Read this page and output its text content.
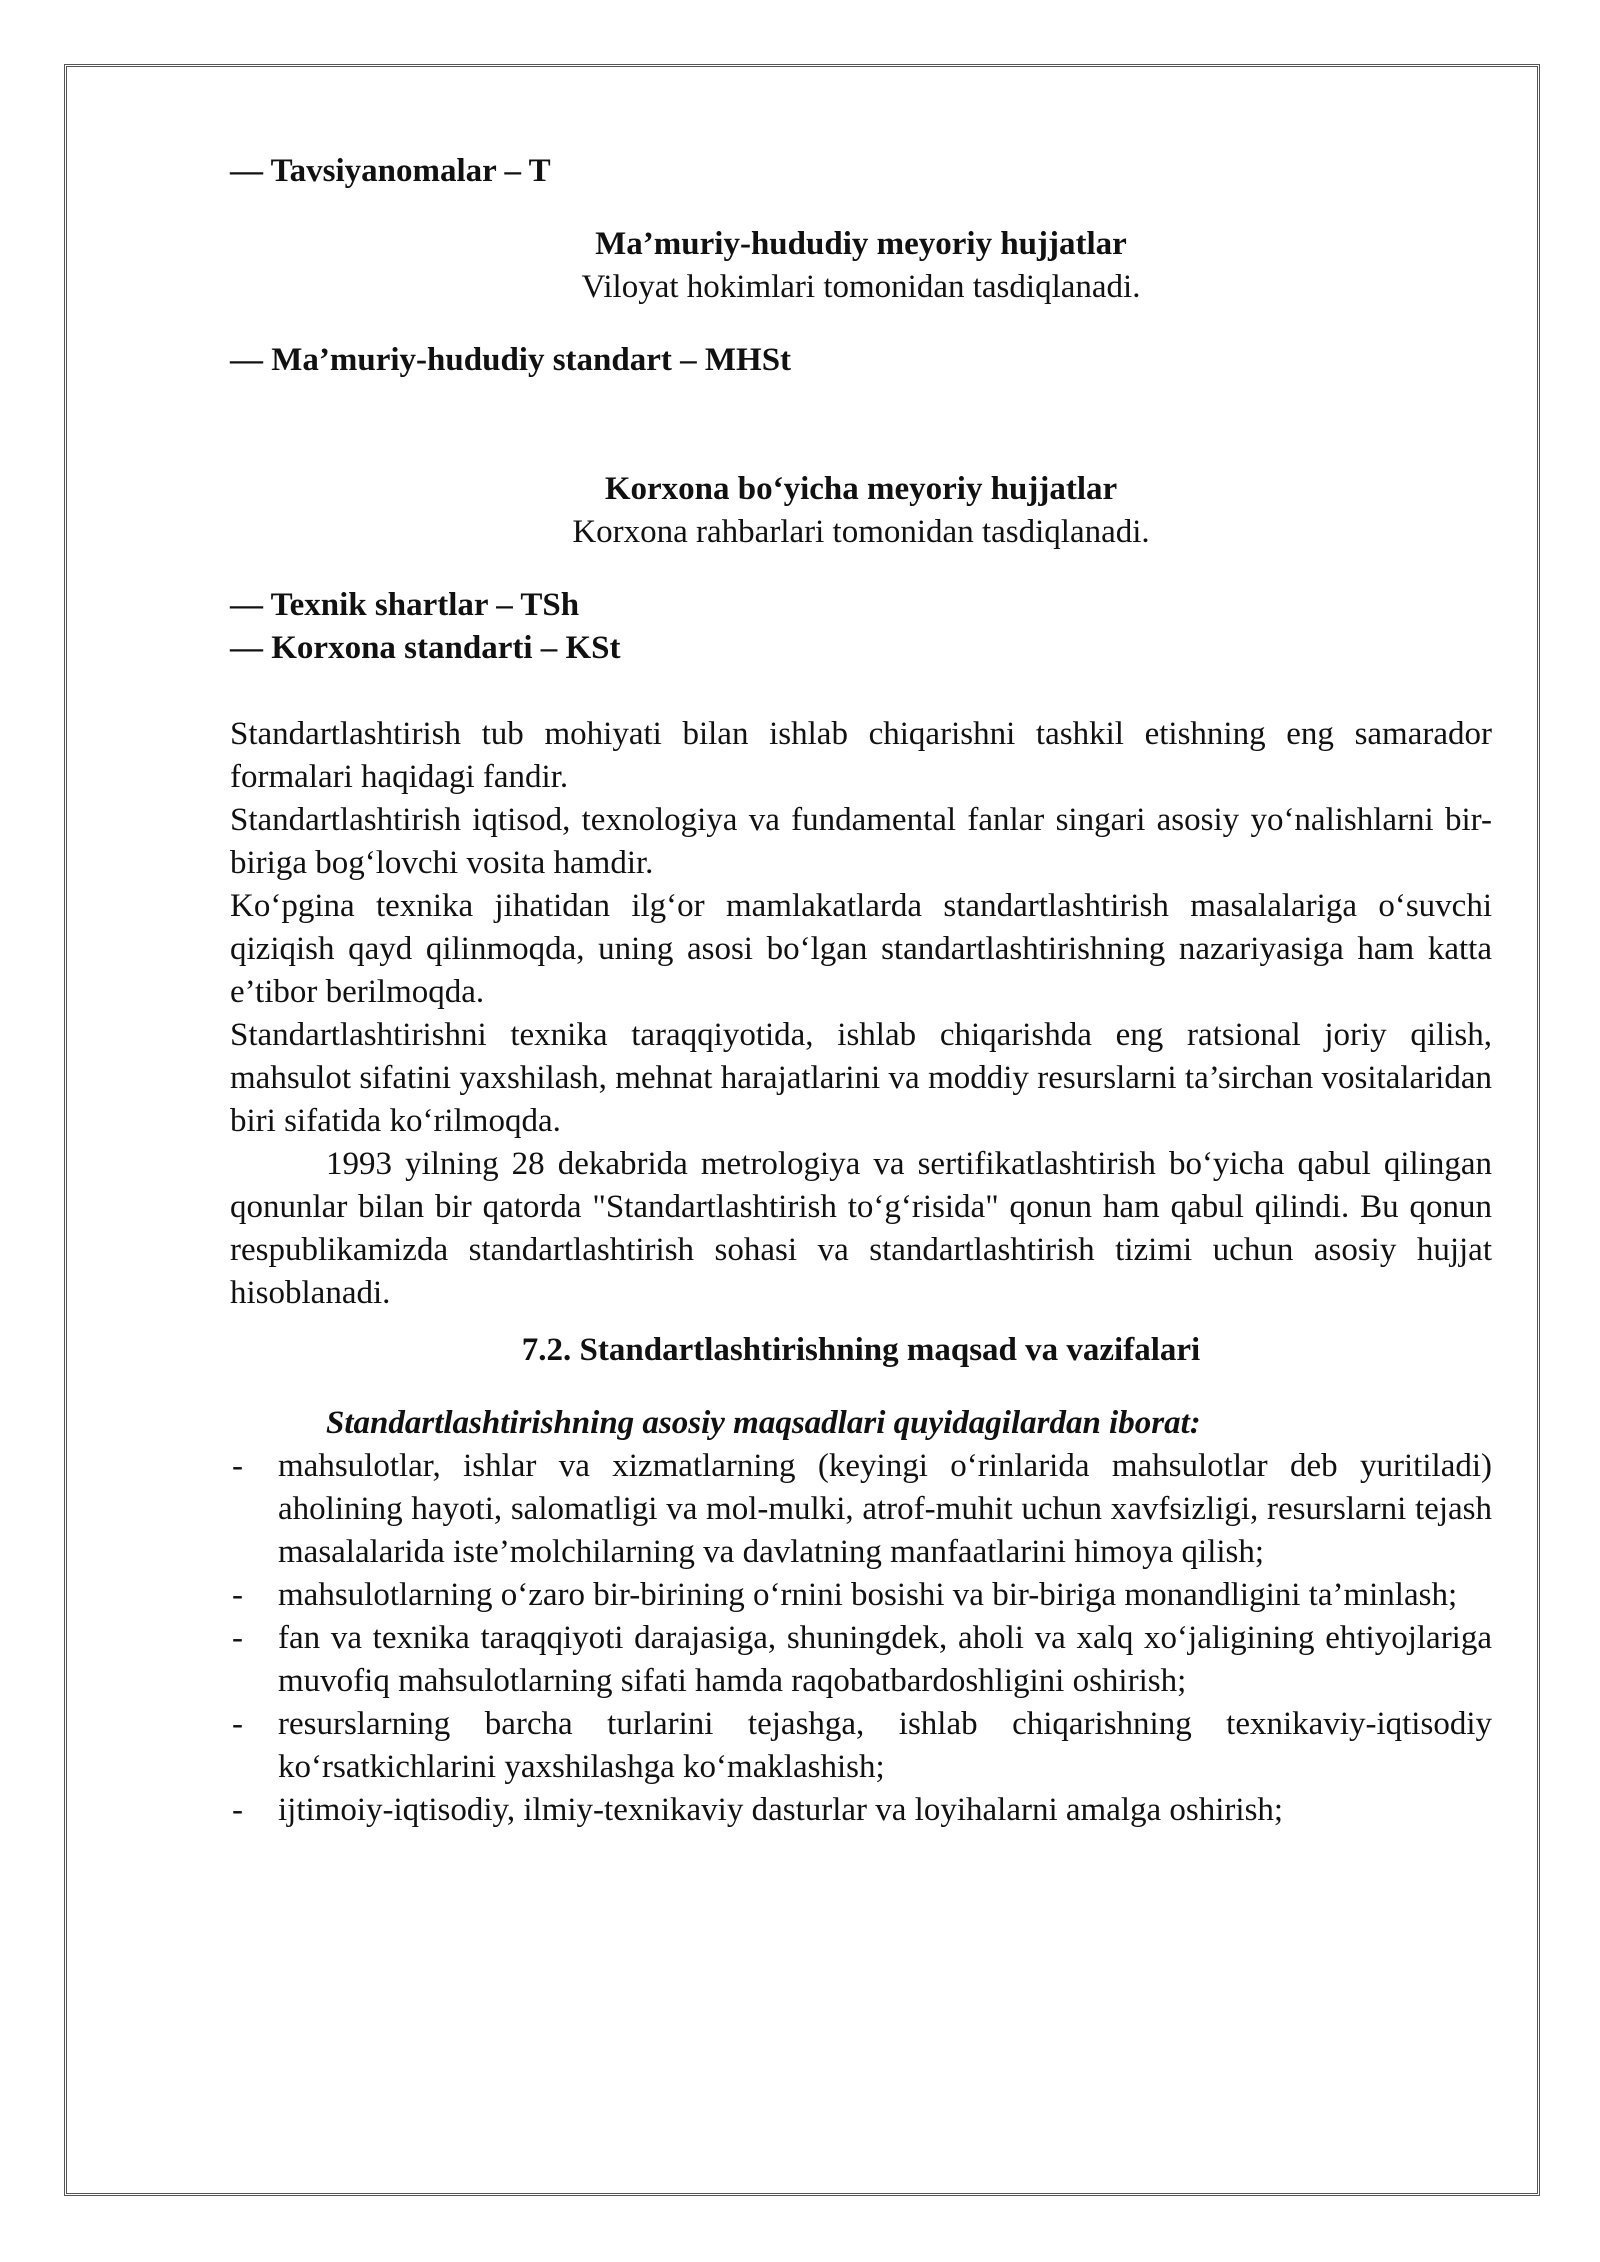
— Tavsiyanomalar – T
Ma’muriy-hududiy meyoriy hujjatlar
Viloyat hokimlari tomonidan tasdiqlanadi.
— Ma’muriy-hududiy standart – MHSt
Korxona bo‘yicha meyoriy hujjatlar
Korxona rahbarlari tomonidan tasdiqlanadi.
— Texnik shartlar – TSh
— Korxona standarti – KSt

Standartlashtirish tub mohiyati bilan ishlab chiqarishni tashkil etishning eng samarador formalari haqidagi fandir.

Standartlashtirish iqtisod, texnologiya va fundamental fanlar singari asosiy yo‘nalishlarni bir-biriga bog‘lovchi vosita hamdir.

Ko‘pgina texnika jihatidan ilg‘or mamlakatlarda standartlashtirish masalalariga o‘suvchi qiziqish qayd qilinmoqda, uning asosi bo‘lgan standartlashtirishning nazariyasiga ham katta e’tibor berilmoqda.

Standartlashtirishni texnika taraqqiyotida, ishlab chiqarishda eng ratsional joriy qilish, mahsulot sifatini yaxshilash, mehnat harajatlarini va moddiy resurslarni ta’sirchan vositalaridan biri sifatida ko‘rilmoqda.

1993 yilning 28 dekabrida metrologiya va sertifikatlashtirish bo‘yicha qabul qilingan qonunlar bilan bir qatorda "Standartlashtirish to‘g‘risida" qonun ham qabul qilindi. Bu qonun respublikamizda standartlashtirish sohasi va standartlashtirish tizimi uchun asosiy hujjat hisoblanadi.

7.2. Standartlashtirishning maqsad va vazifalari
Standartlashtirishning asosiy maqsadlari quyidagilardan iborat:
- mahsulotlar, ishlar va xizmatlarning (keyingi o‘rinlarida mahsulotlar deb yuritiladi) aholining hayoti, salomatligi va mol-mulki, atrof-muhit uchun xavfsizligi, resurslarni tejash masalalarida iste’molchilarning va davlatning manfaatlarini himoya qilish;
- mahsulotlarning o‘zaro bir-birining o‘rnini bosishi va bir-biriga monandligini ta’minlash;
- fan va texnika taraqqiyoti darajasiga, shuningdek, aholi va xalq xo‘jaligining ehtiyojlariga muvofiq mahsulotlarning sifati hamda raqobatbardoshligini oshirish;
- resurslarning barcha turlarini tejashga, ishlab chiqarishning texnikaviy-iqtisodiy ko‘rsatkichlarini yaxshilashga ko‘maklashish;
- ijtimoiy-iqtisodiy, ilmiy-texnikaviy dasturlar va loyihalarni amalga oshirish;
